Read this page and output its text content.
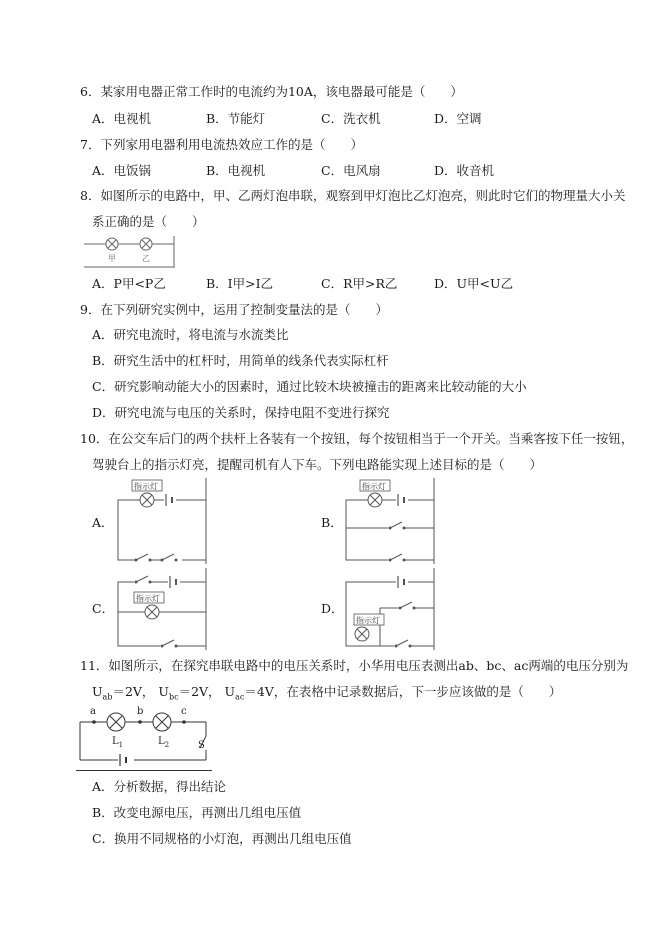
6．某家用电器正常工作时的电流约为10A，该电器最可能是（　　）
A．电视机	B．节能灯	C．洗衣机	D．空调
7．下列家用电器利用电流热效应工作的是（　　）
A．电饭锅	B．电视机	C．电风扇	D．收音机
8．如图所示的电路中，甲、乙两灯泡串联，观察到甲灯泡比乙灯泡亮，则此时它们的物理量大小关
系正确的是（　　）
甲	乙
A．P甲<P乙	B．I甲>I乙	C．R甲>R乙	D．U甲<U乙
9．在下列研究实例中，运用了控制变量法的是（　　）
A．研究电流时，将电流与水流类比
B．研究生活中的杠杆时，用简单的线条代表实际杠杆
C．研究影响动能大小的因素时，通过比较木块被撞击的距离来比较动能的大小
D．研究电流与电压的关系时，保持电阻不变进行探究
10．在公交车后门的两个扶杆上各装有一个按钮，每个按钮相当于一个开关。当乘客按下任一按钮，
驾驶台上的指示灯亮，提醒司机有人下车。下列电路能实现上述目标的是（　　）
A．
指示灯
B．
指示灯
C．
指示灯
D．
指示灯
11．如图所示，在探究串联电路中的电压关系时，小华用电压表测出ab、bc、ac两端的电压分别为
$U_{ab}=2V$， $U_{bc}=2V$， $U_{ac}=4V$，在表格中记录数据后，下一步应该做的是（　　）
a	b	c
$L_1$	$L_2$	S
A．分析数据，得出结论
B．改变电源电压，再测出几组电压值
C．换用不同规格的小灯泡，再测出几组电压值
